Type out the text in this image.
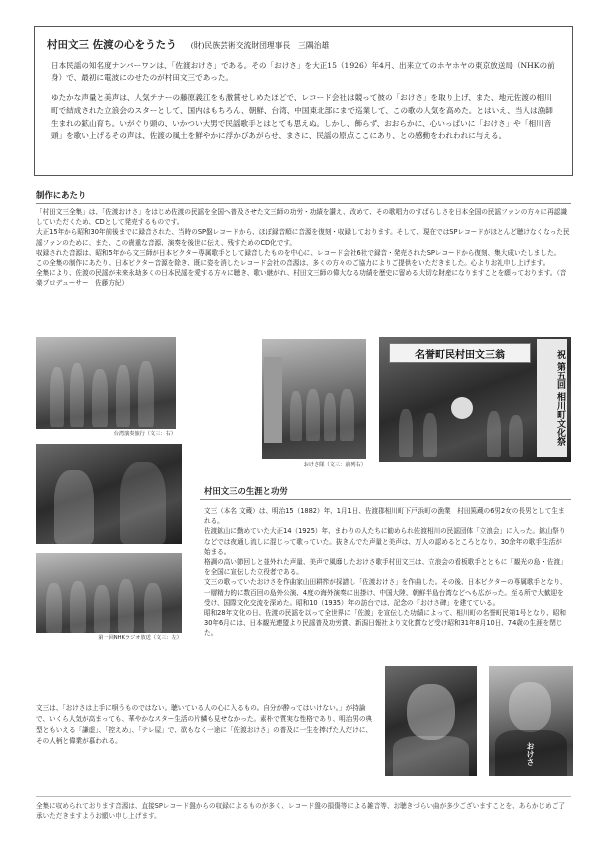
村田文三 佐渡の心をうたう (財)民族芸術交流財団理事長　三隅治雄

日本民謡の知名度ナンバーワンは、「佐渡おけさ」である。その「おけさ」を大正15（1926）年4月、出来立てのホヤホヤの東京放送局（NHKの前身）で、最初に電波にのせたのが村田文三であった。

ゆたかな声量と美声は、人気テナーの藤原義江をも激賞せしめたほどで、レコード会社は競って彼の「おけさ」を取り上げ、また、地元佐渡の相川町で結成された立浪会のスターとして、国内はもちろん、朝鮮、台湾、中国東北部にまで巡業して、この歌の人気を高めた。とはいえ、当人は漁師生まれの鉱山育ち。いがぐり頭の、いかつい大男で民謡歌手とはとても思えぬ。しかし、飾らず、おおらかに、心いっぱいに「おけさ」や「相川音頭」を歌い上げるその声は、佐渡の風土を鮮やかに浮かびあがらせ、まさに、民謡の原点ここにあり、との感動をわれわれに与える。

制作にあたり

「村田文三全集」は、「佐渡おけさ」をはじめ佐渡の民謡を全国へ普及させた文三師の功労・功績を讃え、改めて、その歌唱力のすばらしさを日本全国の民謡ファンの方々に再認識していただくため、CDとして発売するものです。

大正15年から昭和30年前後までに録音された、当時のSP盤レコードから、ほぼ録音順に音源を復刻・収録しております。そして、現在ではSPレコードがほとんど聴けなくなった民謡ファンのために、また、この貴重な音源、演奏を後世に伝え、残すためのCD化です。

収録された音源は、昭和5年から文三師が日本ビクター専属歌手として録音したものを中心に、レコード会社6社で録音・発売されたSPレコードから復刻、集大成いたしました。

この全集の制作にあたり、日本ビクター音源を除き、既に姿を消したレコード会社の音源は、多くの方々のご協力によりご提供をいただきました。心よりお礼申し上げます。

全集により、佐渡の民謡が未来永劫多くの日本民謡を愛する方々に聴き、歌い継がれ、村田文三師の偉大なる功績を歴史に留める大切な財産になりますことを願っております。（音楽プロデューサー　佐藤方紀）

台湾演奏旅行（文三：右）
おけさ隊（文三：前列右）
名誉町民村田文三翁	祝 第五回 相川町文化祭
第一回NHKラジオ放送（文三：左）
村田文三の生涯と功労

文三（本名 文蔵）は、明治15（1882）年、1月1日、佐渡郡相川町下戸浜町の漁業　村田篤蔵の6男2女の長男として生まれる。

佐渡鉱山に勤めていた大正14（1925）年、まわりの人たちに勧められ佐渡相川の民謡団体「立浪会」に入った。鉱山祭りなどでは夜通し流しに混じって歌っていた。抜きんでた声量と美声は、万人の認めるところとなり、30余年の歌手生活が始まる。

格調の高い節回しと並外れた声量、美声で風靡したおけさ歌手村田文三は、立浪会の看板歌手とともに「観光の島・佐渡」を全国に宣伝した立役者である。

文三の歌っていたおけさを作曲家山田耕筰が採譜し「佐渡おけさ」を作曲した。その後、日本ビクターの専属歌手となり、一層精力的に数百回の島外公演、4度の海外演奏に出掛け、中国大陸、朝鮮半島台湾などへも広がった。至る所で大歓迎を受け、国際文化交流を深めた。昭和10（1935）年の訪台では、記念の「おけさ碑」を建てている。

昭和28年文化の日、佐渡の民謡を以って全世界に「佐渡」を宣伝した功績によって、相川町の名誉町民第1号となり、昭和30年6月には、日本観光連盟より民謡普及功労賞、新潟日報社より文化賞など受け昭和31年8月10日、74歳の生涯を閉じた。

文三は、「おけさは上手に唄うものではない。聴いている人の心に入るもの。自分が酔ってはいけない。」が持論で、いくら人気が高まっても、華やかなスター生活の片鱗も見せなかった。素朴で質実な性格であり、明治男の典型ともいえる「謙虚」、「控えめ」、「テレ屋」で、欲もなく一途に「佐渡おけさ」の普及に一生を捧げた人だけに、その人柄と偉業が慕われる。

おけさ
全集に収められております音源は、直接SPレコード盤からの収録によるものが多く、レコード盤の損傷等による雑音等、お聴きづらい曲が多少ございますことを、あらかじめご了承いただきますようお願い申し上げます。
